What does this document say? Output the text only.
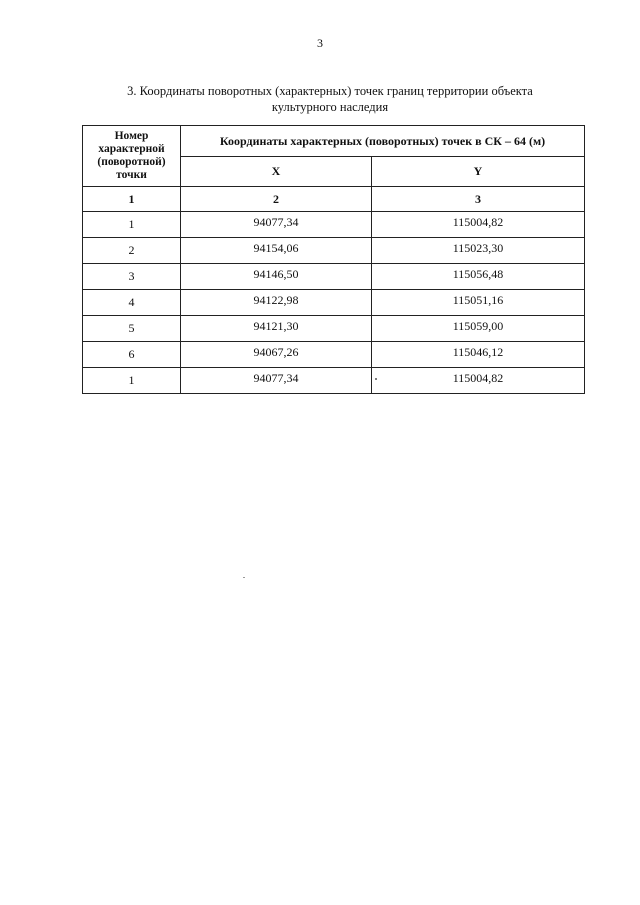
3
3. Координаты поворотных (характерных) точек границ территории объекта
культурного наследия
Номер
характерной
(поворотной)
точки	Координаты характерных (поворотных) точек в СК – 64 (м)	
	X	Y
1	2	3
1	94077,34	115004,82
2	94154,06	115023,30
3	94146,50	115056,48
4	94122,98	115051,16
5	94121,30	115059,00
6	94067,26	115046,12
1	94077,34	115004,82
